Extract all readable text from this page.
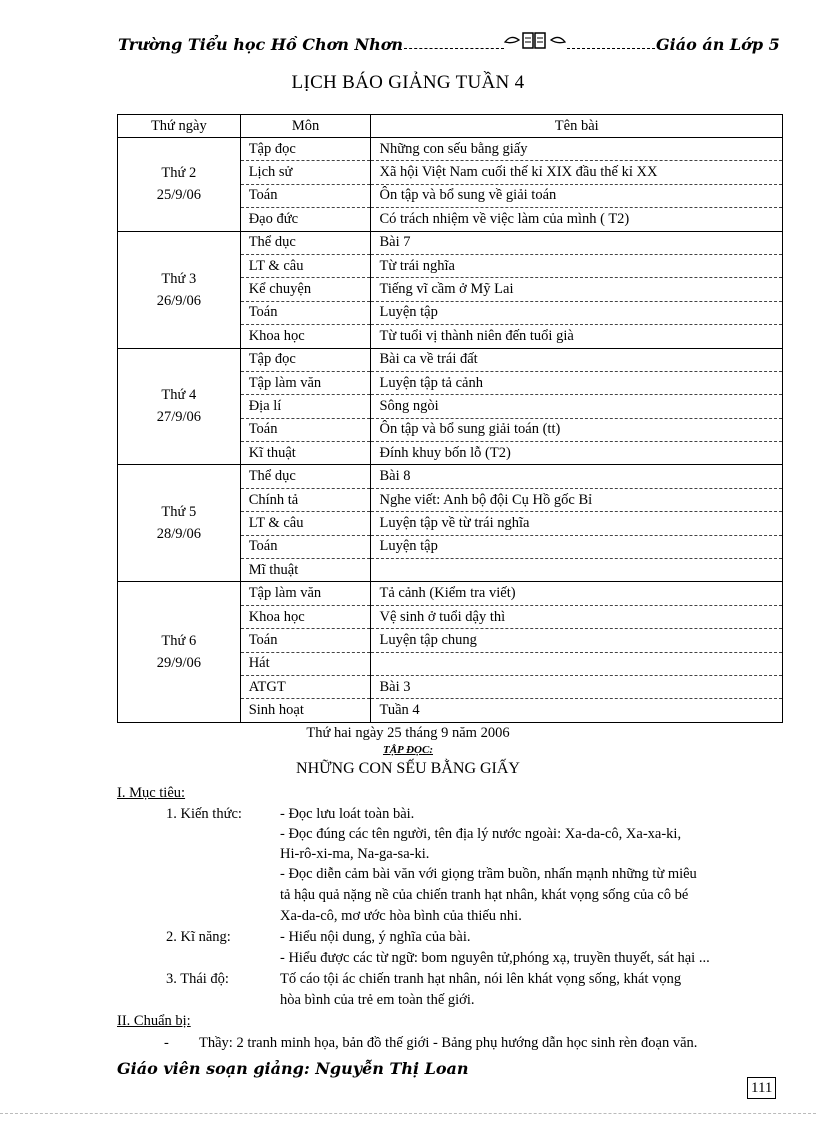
Trường Tiểu học Hồ Chơn Nhơn	Giáo án Lớp 5
LỊCH BÁO GIẢNG TUẦN 4
Thứ ngày	Môn	Tên bài

Thứ 2
25/9/06	Tập đọc	Những con sếu bằng giấy
	Lịch sử	Xã hội Việt Nam cuối thế kỉ XIX đầu thế kỉ XX
	Toán	Ôn tập và bổ sung về giải toán
	Đạo đức	Có trách nhiệm về việc làm của mình ( T2)

Thứ 3
26/9/06	Thể dục	Bài 7
	LT & câu	Từ trái nghĩa
	Kể chuyện	Tiếng vĩ cầm ở Mỹ Lai
	Toán	Luyện tập
	Khoa học	Từ tuổi vị thành niên đến tuổi già

Thứ 4
27/9/06	Tập đọc	Bài ca về trái đất
	Tập làm văn	Luyện tập tả cảnh
	Địa lí	Sông ngòi
	Toán	Ôn tập và bổ sung giải toán (tt)
	Kĩ thuật	Đính khuy bốn lỗ (T2)

Thứ 5
28/9/06	Thể dục	Bài 8
	Chính tả	Nghe viết: Anh bộ đội Cụ Hồ gốc Bỉ
	LT & câu	Luyện tập về từ trái nghĩa
	Toán	Luyện tập
	Mĩ thuật	

Thứ 6
29/9/06	Tập làm văn	Tả cảnh (Kiểm tra viết)
	Khoa học	Vệ sinh ở tuổi dậy thì
	Toán	Luyện tập chung
	Hát	
	ATGT	Bài 3
	Sinh hoạt	Tuần 4
Thứ hai ngày 25 tháng 9 năm 2006
TẬP ĐỌC:
NHỮNG CON SẾU BẰNG GIẤY
I. Mục tiêu:
1. Kiến thức:	- Đọc lưu loát toàn bài.
- Đọc đúng các tên người, tên địa lý nước ngoài: Xa-da-cô, Xa-xa-ki,
Hi-rô-xi-ma, Na-ga-sa-ki.
- Đọc diễn cảm bài văn với giọng trầm buồn, nhấn mạnh những từ miêu
tả hậu quả nặng nề của chiến tranh hạt nhân, khát vọng sống của cô bé
Xa-da-cô, mơ ước hòa bình của thiếu nhi.
2. Kĩ năng:	- Hiểu nội dung, ý nghĩa của bài.
- Hiểu được các từ ngữ: bom nguyên tử,phóng xạ, truyền thuyết, sát hại ...
3. Thái độ:	Tố cáo tội ác chiến tranh hạt nhân, nói lên khát vọng sống, khát vọng
hòa bình của trẻ em toàn thế giới.
II. Chuẩn bị:
- Thầy: 2 tranh minh họa, bản đồ thế giới - Bảng phụ hướng dẫn học sinh rèn đoạn văn.
Giáo viên soạn giảng: Nguyễn Thị Loan
111
